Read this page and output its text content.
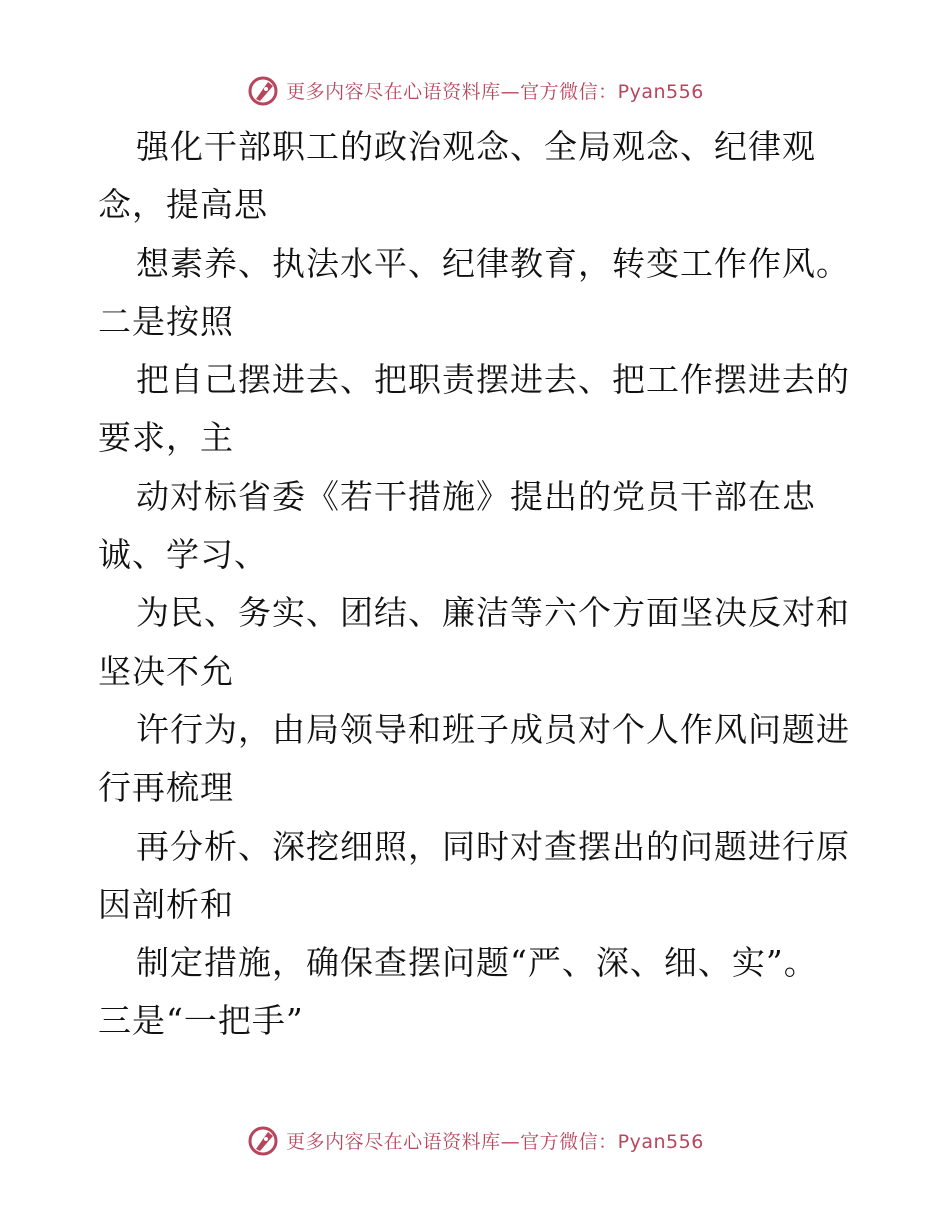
更多内容尽在心语资料库—官方微信：Pyan556
强化干部职工的政治观念、全局观念、纪律观
念，提高思
想素养、执法水平、纪律教育，转变工作作风。
二是按照
把自己摆进去、把职责摆进去、把工作摆进去的
要求，主
动对标省委《若干措施》提出的党员干部在忠
诚、学习、
为民、务实、团结、廉洁等六个方面坚决反对和
坚决不允
许行为，由局领导和班子成员对个人作风问题进
行再梳理
再分析、深挖细照，同时对查摆出的问题进行原
因剖析和
制定措施，确保查摆问题“严、深、细、实”。
三是“一把手”
更多内容尽在心语资料库—官方微信：Pyan556
